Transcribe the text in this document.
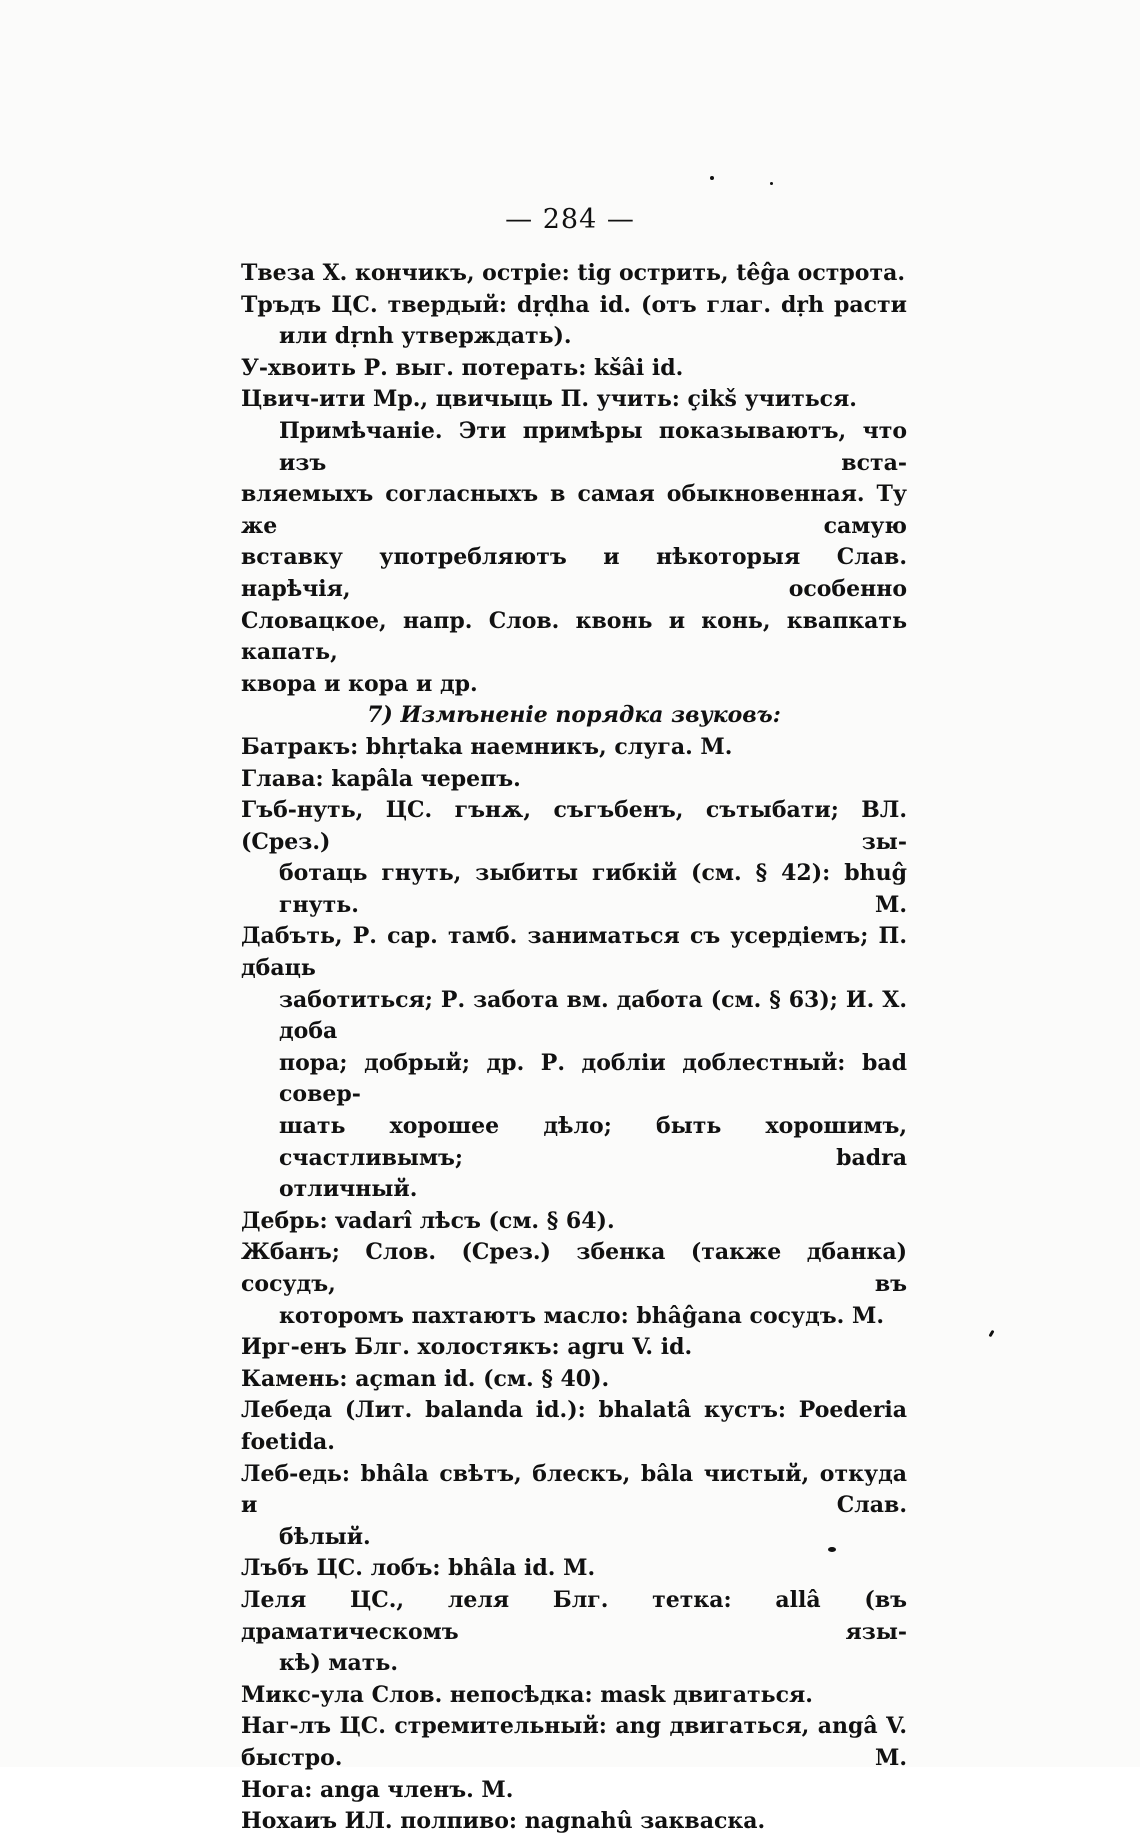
— 284 —
Твeзa Х. кончикъ, остріе: tig острить, têĝa острота.
Тpъдъ ЦС. твердый: dṛḍha id. (отъ глаг. dṛh расти
или dṛnh утверждать).
У-хвоить Р. выг. потерать: kšâi id.
Цвич-ити Мр., цвичыць П. учить: çikš учиться.
Примѣчаніе. Эти примѣры показываютъ, что изъ вста-
вляемыхъ согласныхъ в самая обыкновенная. Ту же самую
вставку употребляютъ и нѣкоторыя Слав. нарѣчія, особенно
Словацкое, напр. Слов. квонь и конь, квапкать капать,
квора и кора и др.
7) Измѣненіе порядка звуковъ:
Батракъ: bhṛtaka наемникъ, слуга. М.
Глава: kapâla черепъ.
Гъб-нуть, ЦС. гънѫ, съгъбенъ, сътыбати; ВЛ.(Срез.) зы-
ботаць гнуть, зыбиты гибкій (см. § 42): bhuĝ гнуть. М.
Дабъть, Р. сар. тамб. заниматься съ усердіемъ; П. дбаць
заботиться; Р. забота вм. дабота (см. § 63); И. Х. доба
пора; добрый; др. Р. добліи доблестный: bad совер-
шать хорошее дѣло; быть хорошимъ, счастливымъ; badra
отличный.
Дебрь: vadarî лѣсъ (см. § 64).
Жбанъ; Слов. (Срез.) збенка (также дбанка) сосудъ, въ
которомъ пахтаютъ масло: bhâĝana сосудъ. М.
Ирг-енъ Блг. холостякъ: agru V. id.
Камень: açman id. (см. § 40).
Лебеда (Лит. balanda id.): bhalatâ кустъ: Poederia foetida.
Леб-едь: bhâla свѣтъ, блескъ, bâla чистый, откуда и Слав.
бѣлый.
Лъбъ ЦС. лобъ: bhâla id. М.
Леля ЦС., леля Блг. тетка: allâ (въ драматическомъ язы-
кѣ) мать.
Микс-ула Слов. непосѣдка: mask двигаться.
Наг-лъ ЦС. стремительный: ang двигаться, angâ V. быстро. М.
Нога: anga членъ. М.
Нохаиъ ИЛ. полпиво: nagnahû закваска.
